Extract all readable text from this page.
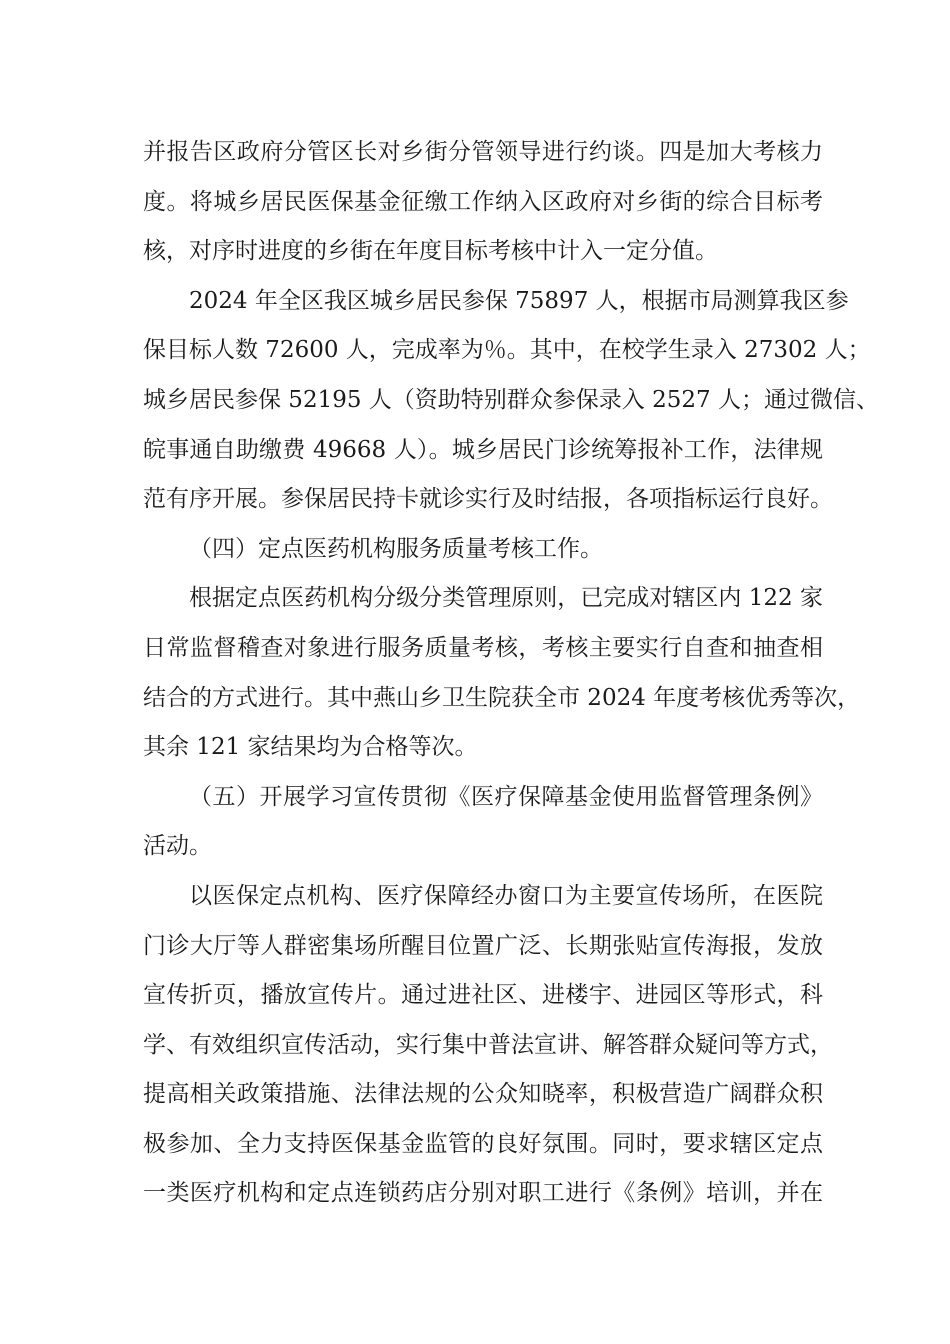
并报告区政府分管区长对乡街分管领导进行约谈。四是加大考核力
度。将城乡居民医保基金征缴工作纳入区政府对乡街的综合目标考
核，对序时进度的乡街在年度目标考核中计入一定分值。
2024 年全区我区城乡居民参保 75897 人，根据市局测算我区参
保目标人数 72600 人，完成率为％。其中，在校学生录入 27302 人；
城乡居民参保 52195 人（资助特别群众参保录入 2527 人；通过微信、
皖事通自助缴费 49668 人）。城乡居民门诊统筹报补工作，法律规
范有序开展。参保居民持卡就诊实行及时结报，各项指标运行良好。
（四）定点医药机构服务质量考核工作。
根据定点医药机构分级分类管理原则，已完成对辖区内 122 家
日常监督稽查对象进行服务质量考核，考核主要实行自查和抽查相
结合的方式进行。其中燕山乡卫生院获全市 2024 年度考核优秀等次，
其余 121 家结果均为合格等次。
（五）开展学习宣传贯彻《医疗保障基金使用监督管理条例》
活动。
以医保定点机构、医疗保障经办窗口为主要宣传场所，在医院
门诊大厅等人群密集场所醒目位置广泛、长期张贴宣传海报，发放
宣传折页，播放宣传片。通过进社区、进楼宇、进园区等形式，科
学、有效组织宣传活动，实行集中普法宣讲、解答群众疑问等方式，
提高相关政策措施、法律法规的公众知晓率，积极营造广阔群众积
极参加、全力支持医保基金监管的良好氛围。同时，要求辖区定点
一类医疗机构和定点连锁药店分别对职工进行《条例》培训，并在
